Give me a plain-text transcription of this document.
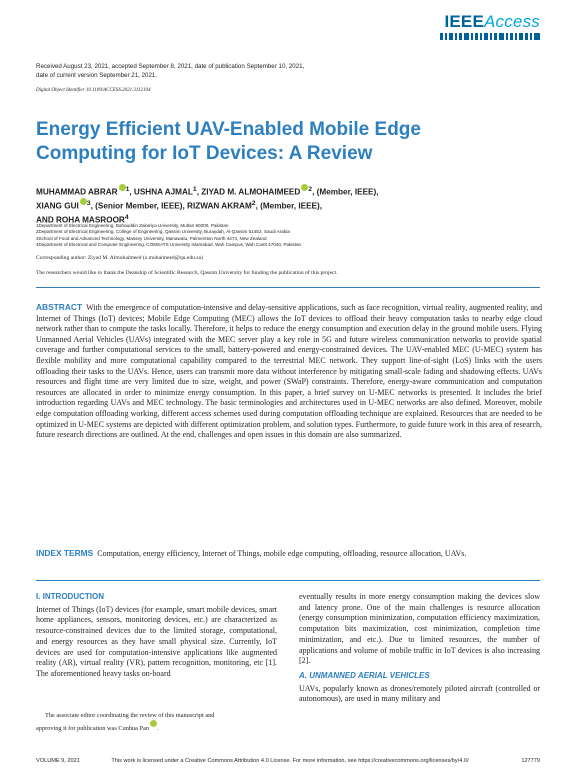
IEEEAccess
Received August 23, 2021, accepted September 8, 2021, date of publication September 10, 2021,
date of current version September 21, 2021.
Digital Object Identifier 10.1109/ACCESS.2021.3112104
Energy Efficient UAV-Enabled Mobile Edge
Computing for IoT Devices: A Review
MUHAMMAD ABRAR $^1$, USHNA AJMAL$^1$, ZIYAD M. ALMOHAIMEED $^2$, (Member, IEEE),
XIANG GUI $^3$, (Senior Member, IEEE), RIZWAN AKRAM$^2$, (Member, IEEE),
AND ROHA MASROOR$^4$
1Department of Electrical Engineering, Bahauddin Zakariya University, Multan 60000, Pakistan
2Department of Electrical Engineering, College of Engineering, Qassim University, Buraydah, Al-Qassim 51452, Saudi Arabia
3School of Food and Advanced Technology, Massey University, Manawatu, Palmerston North 4474, New Zealand
4Department of Electrical and Computer Engineering, COMSATS University Islamabad, Wah Campus, Wah Cantt 47040, Pakistan
Corresponding author: Ziyad M. Almohaimeed (z.mohaimeed@qu.edu.sa)
The researchers would like to thank the Deanship of Scientific Research, Qassim University for funding the publication of this project.
ABSTRACT With the emergence of computation-intensive and delay-sensitive applications, such as face recognition, virtual reality, augmented reality, and Internet of Things (IoT) devices; Mobile Edge Computing (MEC) allows the IoT devices to offload their heavy computation tasks to nearby edge cloud network rather than to compute the tasks locally. Therefore, it helps to reduce the energy consumption and execution delay in the ground mobile users. Flying Unmanned Aerial Vehicles (UAVs) integrated with the MEC server play a key role in 5G and future wireless communication networks to provide spatial coverage and further computational services to the small, battery-powered and energy-constrained devices. The UAV-enabled MEC (U-MEC) system has flexible mobility and more computational capability compared to the terrestrial MEC network. They support line-of-sight (LoS) links with the users offloading their tasks to the UAVs. Hence, users can transmit more data without interference by mitigating small-scale fading and shadowing effects. UAVs resources and flight time are very limited due to size, weight, and power (SWaP) constraints. Therefore, energy-aware communication and computation resources are allocated in order to minimize energy consumption. In this paper, a brief survey on U-MEC networks is presented. It includes the brief introduction regarding UAVs and MEC technology. The basic terminologies and architectures used in U-MEC networks are also defined. Moreover, mobile edge computation offloading working, different access schemes used during computation offloading technique are explained. Resources that are needed to be optimized in U-MEC systems are depicted with different optimization problem, and solution types. Furthermore, to guide future work in this area of research, future research directions are outlined. At the end, challenges and open issues in this domain are also summarized.
INDEX TERMS Computation, energy efficiency, Internet of Things, mobile edge computing, offloading, resource allocation, UAVs.
I. INTRODUCTION
Internet of Things (IoT) devices (for example, smart mobile devices, smart home appliances, sensors, monitoring devices, etc.) are characterized as resource-constrained devices due to the limited storage, computational, and energy resources as they have small physical size. Currently, IoT devices are used for computation-intensive applications like augmented reality (AR), virtual reality (VR), pattern recognition, monitoring, etc [1]. The aforementioned heavy tasks on-board
eventually results in more energy consumption making the devices slow and latency prone. One of the main challenges is resource allocation (energy consumption minimization, computation efficiency maximization, computation bits maximization, cost minimization, completion time minimization, and etc.). Due to limited resources, the number of applications and volume of mobile traffic in IoT devices is also increasing [2].
A. UNMANNED AERIAL VEHICLES
UAVs, popularly known as drones/remotely piloted aircraft (controlled or autonomous), are used in many military and
The associate editor coordinating the review of this manuscript and
approving it for publication was Cunhua Pan .
VOLUME 9, 2021	This work is licensed under a Creative Commons Attribution 4.0 License. For more information, see https://creativecommons.org/licenses/by/4.0/	127779
